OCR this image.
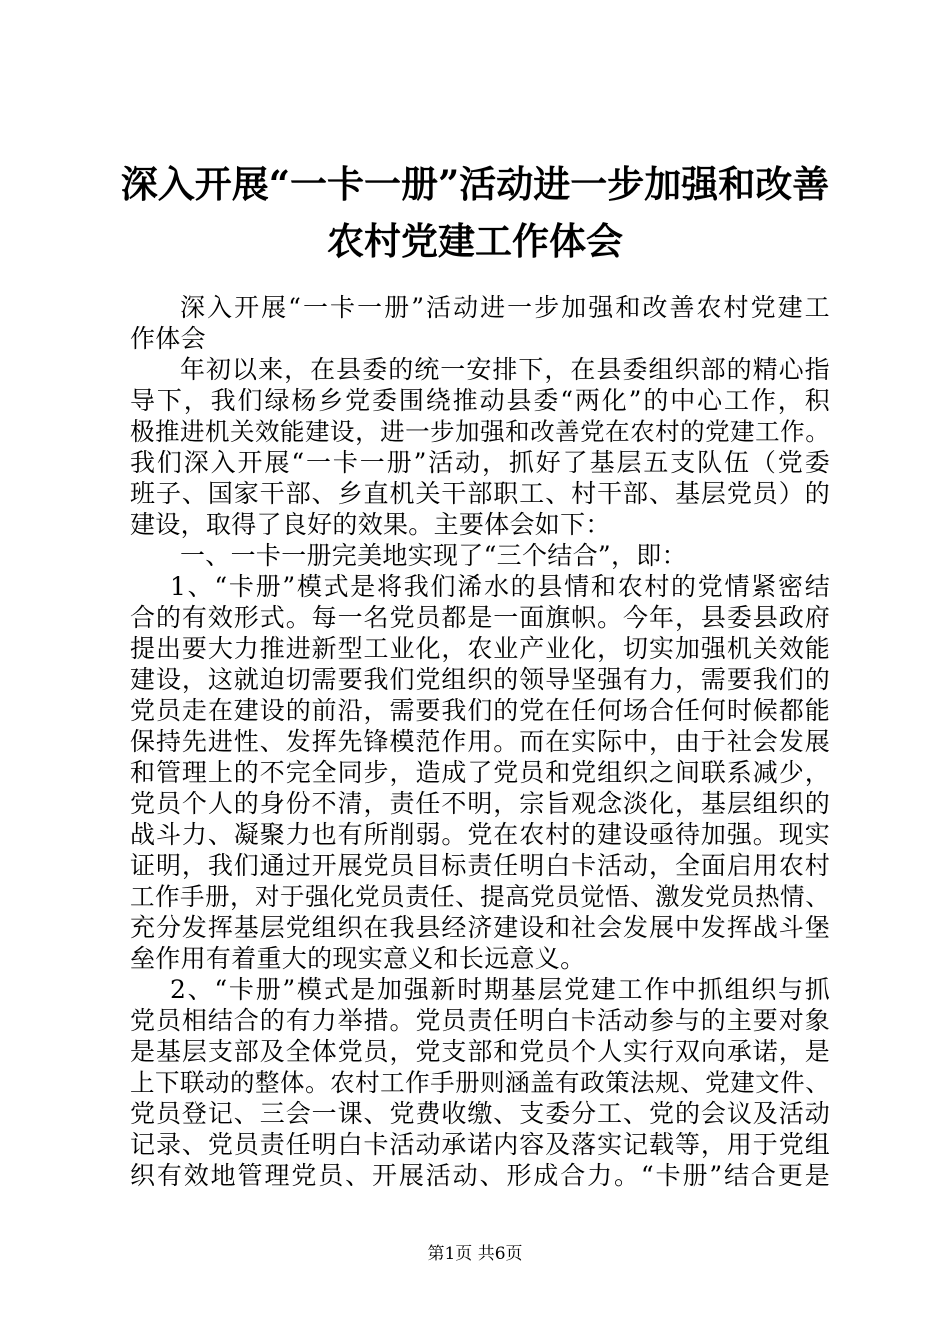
深入开展“一卡一册”活动进一步加强和改善
农村党建工作体会
深入开展“一卡一册”活动进一步加强和改善农村党建工
作体会
年初以来，在县委的统一安排下，在县委组织部的精心指
导下，我们绿杨乡党委围绕推动县委“两化”的中心工作，积
极推进机关效能建设，进一步加强和改善党在农村的党建工作。
我们深入开展“一卡一册”活动，抓好了基层五支队伍（党委
班子、国家干部、乡直机关干部职工、村干部、基层党员）的
建设，取得了良好的效果。主要体会如下：
一、一卡一册完美地实现了“三个结合”，即：
1、“卡册”模式是将我们浠水的县情和农村的党情紧密结
合的有效形式。每一名党员都是一面旗帜。今年，县委县政府
提出要大力推进新型工业化，农业产业化，切实加强机关效能
建设，这就迫切需要我们党组织的领导坚强有力，需要我们的
党员走在建设的前沿，需要我们的党在任何场合任何时候都能
保持先进性、发挥先锋模范作用。而在实际中，由于社会发展
和管理上的不完全同步，造成了党员和党组织之间联系减少，
党员个人的身份不清，责任不明，宗旨观念淡化，基层组织的
战斗力、凝聚力也有所削弱。党在农村的建设亟待加强。现实
证明，我们通过开展党员目标责任明白卡活动，全面启用农村
工作手册，对于强化党员责任、提高党员觉悟、激发党员热情、
充分发挥基层党组织在我县经济建设和社会发展中发挥战斗堡
垒作用有着重大的现实意义和长远意义。
2、“卡册”模式是加强新时期基层党建工作中抓组织与抓
党员相结合的有力举措。党员责任明白卡活动参与的主要对象
是基层支部及全体党员，党支部和党员个人实行双向承诺，是
上下联动的整体。农村工作手册则涵盖有政策法规、党建文件、
党员登记、三会一课、党费收缴、支委分工、党的会议及活动
记录、党员责任明白卡活动承诺内容及落实记载等，用于党组
织有效地管理党员、开展活动、形成合力。“卡册”结合更是
第1页 共6页
